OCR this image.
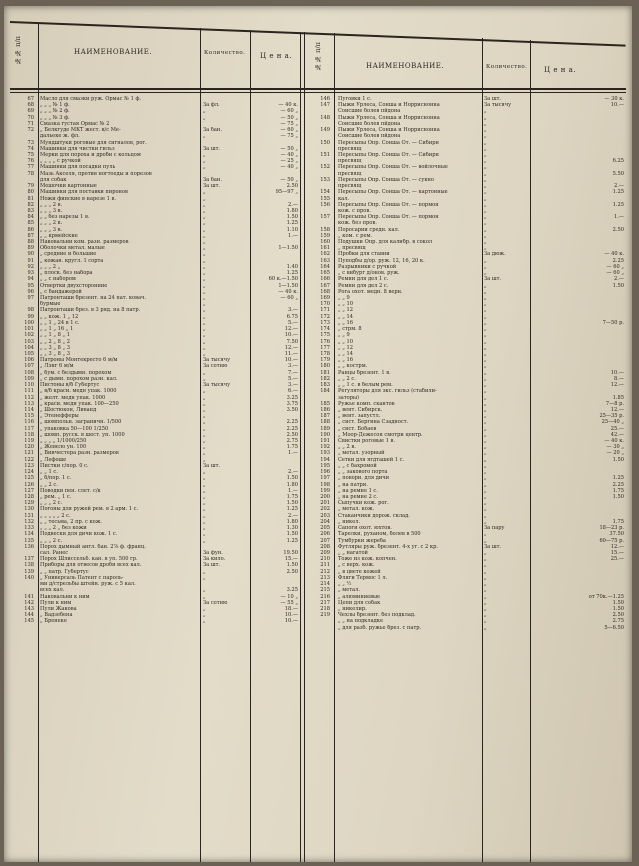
№№ п/п	НАИМЕНОВАНИЕ.	Количество. Ц е н а.	№№ п/п	НАИМЕНОВАНИЕ.	Количество. Ц е н а.
67 Масло для смазки руж. Ормас № 1 ф.
68 „ „ „ № 1 ф.	За фл.	— 40 к.
69 „ „ „ № 2 ф.	„	— 60 „
70 „ „ „ № 3 ф.	„	— 50 „
71 Смазка густая Ормас № 2	— 75 „
72 „ Белкгуде МКТ жест. в/с Ме-	За бан.	— 60 „
дальеке ж. фл.	„	— 75 „
73 Мундштуки роговые для сигналов, рог.
74 Машинки для чистки гильз	За шт.	— 50 „
75 Мерки для пороха и дроби с кольцом	„	— 40 „
76 „ „ „ „ с ручкой	„	— 25 „
77 Машинки для посадки пуль	„	— 40 „
78 Мазь Акселя, против ногтоеды и порезов
для собак	За бан.	— 50 „
79 Мешочки картонные	За шт.	2.50
80 Машинки для поставки пиронов	„	95—97 „
81 Ножи финские в нарезе 1 в.	„
82 „ „ „ 2 в.	„	2.—
83 „ „ „ 3 в.	„	1.80
84 „ „ без нарезы 1 в.	„	1.50
85 „ „ „ 2 в.	„	1.25
86 „ „ „ 3 в.	„	1.10
87 „ „ крмейские	„	1.—
88 Наковальни ком. разн. размеров	„
89 Оболочки метал. малые	„	1—1.50
90 „ средние и большие	„
91 „ кожан. кругл. 1 сорта	„
92 „ „ „ 2 „	„	1.40
93 „ плоск. без набора	„	1.25
94 „ „ с набором	„	60 к.—1.50
95 Отвертки двухсторонние	„	1—1.50
96 „ с бандажерой	„	— 40 к.
97 Патронташи брезент. на 24 пат. ковач.	„	— 60 „
бурмые	„
98 Патронташи брез. в 3 ряд. на 8 патр.	„	3.—
99 „ „ кож. 1 „ 12	„	6.75
100 „ „ 1 „ 24 в 1 с.	„	5.—
101 „ „ 1 „ 16 „ 1	„	12.—
102 „ „ 1 „ 8 „ 1	„	10.—
103 „ „ 2 „ 8 „ 2	„	7.50
104 „ „ 3 „ 8 „ 3	„	12.—
105 „ „ 3 „ 8 „ 3	„	11.—
106 Патроны Монтекресто 6 м/м	За тысячу	10.—
107 „ Лэнг 6 м/м	За сотню	3.—
108 „ бум. с бездымн. порохом	„	7.—
109 „ с дымн. порохом разн. кал.	„	5.—
110 Пистоны в/б Губертус	За тысячу	3.—
111 „ в/б краси. медн упак. 1000	„	6.—
112 „ желт. медн упак. 1000	„	3.25
113 „ краси. медн упак. 100—250	„	3.75
114 „ Шостюкон, Ливанд	„	3.50
115 „ Этенефферы	„
116 „ шомпольн. заграничн. 1/500	„	2.25
117 „ упаковка 50—100 1/250	„	2.25
118 „ шомп. русск. в шест. уп. 1000	„	2.50
119 „ „ „ „ 1/1000/250	„	2.75
120 „ Жевело ун. 100	„	1.75
121 „ Винчестера разн. размеров	„	1.—
122 „ Лефоше	„
123 Пистки с/пор. 0 с.	За шт.
124 „ „ 1 с.	„	2.—
125 „ б/пор. 1 с.	„	1.50
126 „ „ 2 с.	„	1.80
127 Поводки пен. слет. с/к	„	1.—
128 „ рем. „ 1 с.	„	1.75
129 „ „ „ 2 с.	„	1.50
130 Погоны для ружей рем. в 2 арм. 1 с.	„	1.25
131 „ „ „ „ „ 2 с.	„	2.—
132 „ „ тесьма, 2 пр. с кож.	„	1.80
133 „ „ „ 2 „ без кожи	„	1.30
134 Подвески для дичи кож. 1 с.	„	1.50
135 „ „ „ 2 с.	„	1.25
136 Порох дымный англ. бан. 2⅞ ф. франц.
сал. Ранес	За фун.	19.50
137 Порох Шлиссельб. кан. в уп. 500 гр.	За кило.	15.—
138 Приборы для отвесов дроби всех кал.	За шт.	1.50
139 „ „ патр. Губертус	„	2.50
140 „ Универсаль Патент с пароль-	„
ми д/стрельбы штейн. руж. с 5 кал.
всех кал.	„	3.25
141 Наковальни к ним	„	— 10 „
142 Пули к ним	За сотню	— 55 „
143 Пули Жакова	„	18.—
144 „ Вадзебена	„	10.—
145 „ Бренеке	„	10.—
146 Пуговки 1 с.	За шт.	— 30 к.
147 Пыжи Урлеса, Сонша и Норриснонна	За тысячу	10.—
Соисшие болев пйдона	„
148 Пыжи Урлеса, Сонша и Норриснонна	„
Соисшие болев пйдона	„
149 Пыжи Урлеса, Сонша и Норриснонна	„
Соисшие болев пйдона	„
150 Пересыпы Опр. Сонша От. — Сибирн	„
пресвящ	„
151 Пересыпы Опр. Сонша От. — Сибирн	„
пресвящ	„	6.25
152 Пересыпы Опр. Сонша От. — войлочные	„
пресвящ	„	5.50
153 Пересыпы Опр. Сонша От. — сукно	„
пресвящ	„	2.—
154 Пересыпы Опр. Сонша От. — картонные	„	1.25
155 кал.	„
156 Пересыпы Опр. Сонша От. — пормон	„	1.25
кож. с пров.	„
157 Пересыпы Опр. Сонша От. — пормон	„	1.—
кож. без пров.	„
158 Поросарии средн. кал.	„	2.50
159 „ ком. с рем.	„
160 Подушки Опр. для калибр. в сокол	„
161 „ пресвящ	„
162 Пробки для ставни	За дюж.	— 40 к.
163 Пуподбы д/ор. руж. 12, 16, 20 к.	„	2.25
164 Разрывники с ручкой	„	— 60 „
165 „ с вибург д/онов. руж.	„	— 60 „
166 Ремни для дел 1 с.	За шт.	2.—
167 Ремни для дел 2 с.	„	1.50
168 Рога охот. медн. 8 верн.	„
169 „ „ 9	„
170 „ „ 10	„
171 „ „ 12	„
172 „ „ 14	„
173 „ „ 16	„	7—50 р.
174 „ стрм. 8	„
175 „ „ 9	„
176 „ „ 10	„
177 „ „ 12	„
178 „ „ 14	„
179 „ „ 16	„
180 „ „ кострм.	„
181 Ранцы брезент. 1 в.	„	10.—
182 „ „ 2 с.	„	8.—
183 „ „ 1 с. в белым рем.	„	12.—
184 Регуляторы для экс. гильз (стабили-	„
заторы)	„	1.85
185 Ружье комп. скантов	„	7—8 р.
186 „ вент. Сибирск.	„	12.—
187 „ вент. запустл.	„	25—35 р.
188 „ сист. Бергина Сзадност.	„	25—40 „
189 „ сист. Бобаев	„	25.—
190 „ Моор-Дежесон смотри центр.	„	42.—
191 Свистки роговые 1 в.	„	— 40 к.
192 „ „ 2 в.	„	— 30 „
193 „ метал. узорный	„	— 20 „
194 Сетки для ягдташей 1 с.	„	1.50
195 „ „ с бахромой	„
196 „ „ закового порта	„
197 „ повори. для дичи	„	1.25
198 „ на патри.	„	2.25
199 „ на ремне 1 с.	„	1.75
200 „ на ремне 2 с.	„	1.50
201 Сыпучки кож. рог.	„
202 „ метал. кож.	„
203 Стаканчики дорож. склад.	„
204 „ никел.	„	1.75
205 Сапоги охот. юхтов.	За пару	18—23 р.
206 Тарелки, руханом, болев в 500	„	37.50
207 Тумбурки жереба	„	60—75 р.
208 Футляры руж. брезент. 4-х уг. с 2 кр.	За шт.	12.—
209 „ „ нагатой	„	15.—
210 Тоже из кож. копчен.	„	25.—
211 „ с верх. кож.	„
212 „ в цвете кожей	„
213 Фляги Термос 1 л.	„
214 „ „ ½	„
215 „ метал.	„
216 „ алюминиевые	„	от 70к.—1.25
217 Цепи для собак	„	1.50
218 „ никелир.	„	1.50
219 Чехлы брезент. без подклад.	„	2.50
„ „ на подкладке	„	2.75
„ для разб. ружье брез. с патр.	„	5—6.50
